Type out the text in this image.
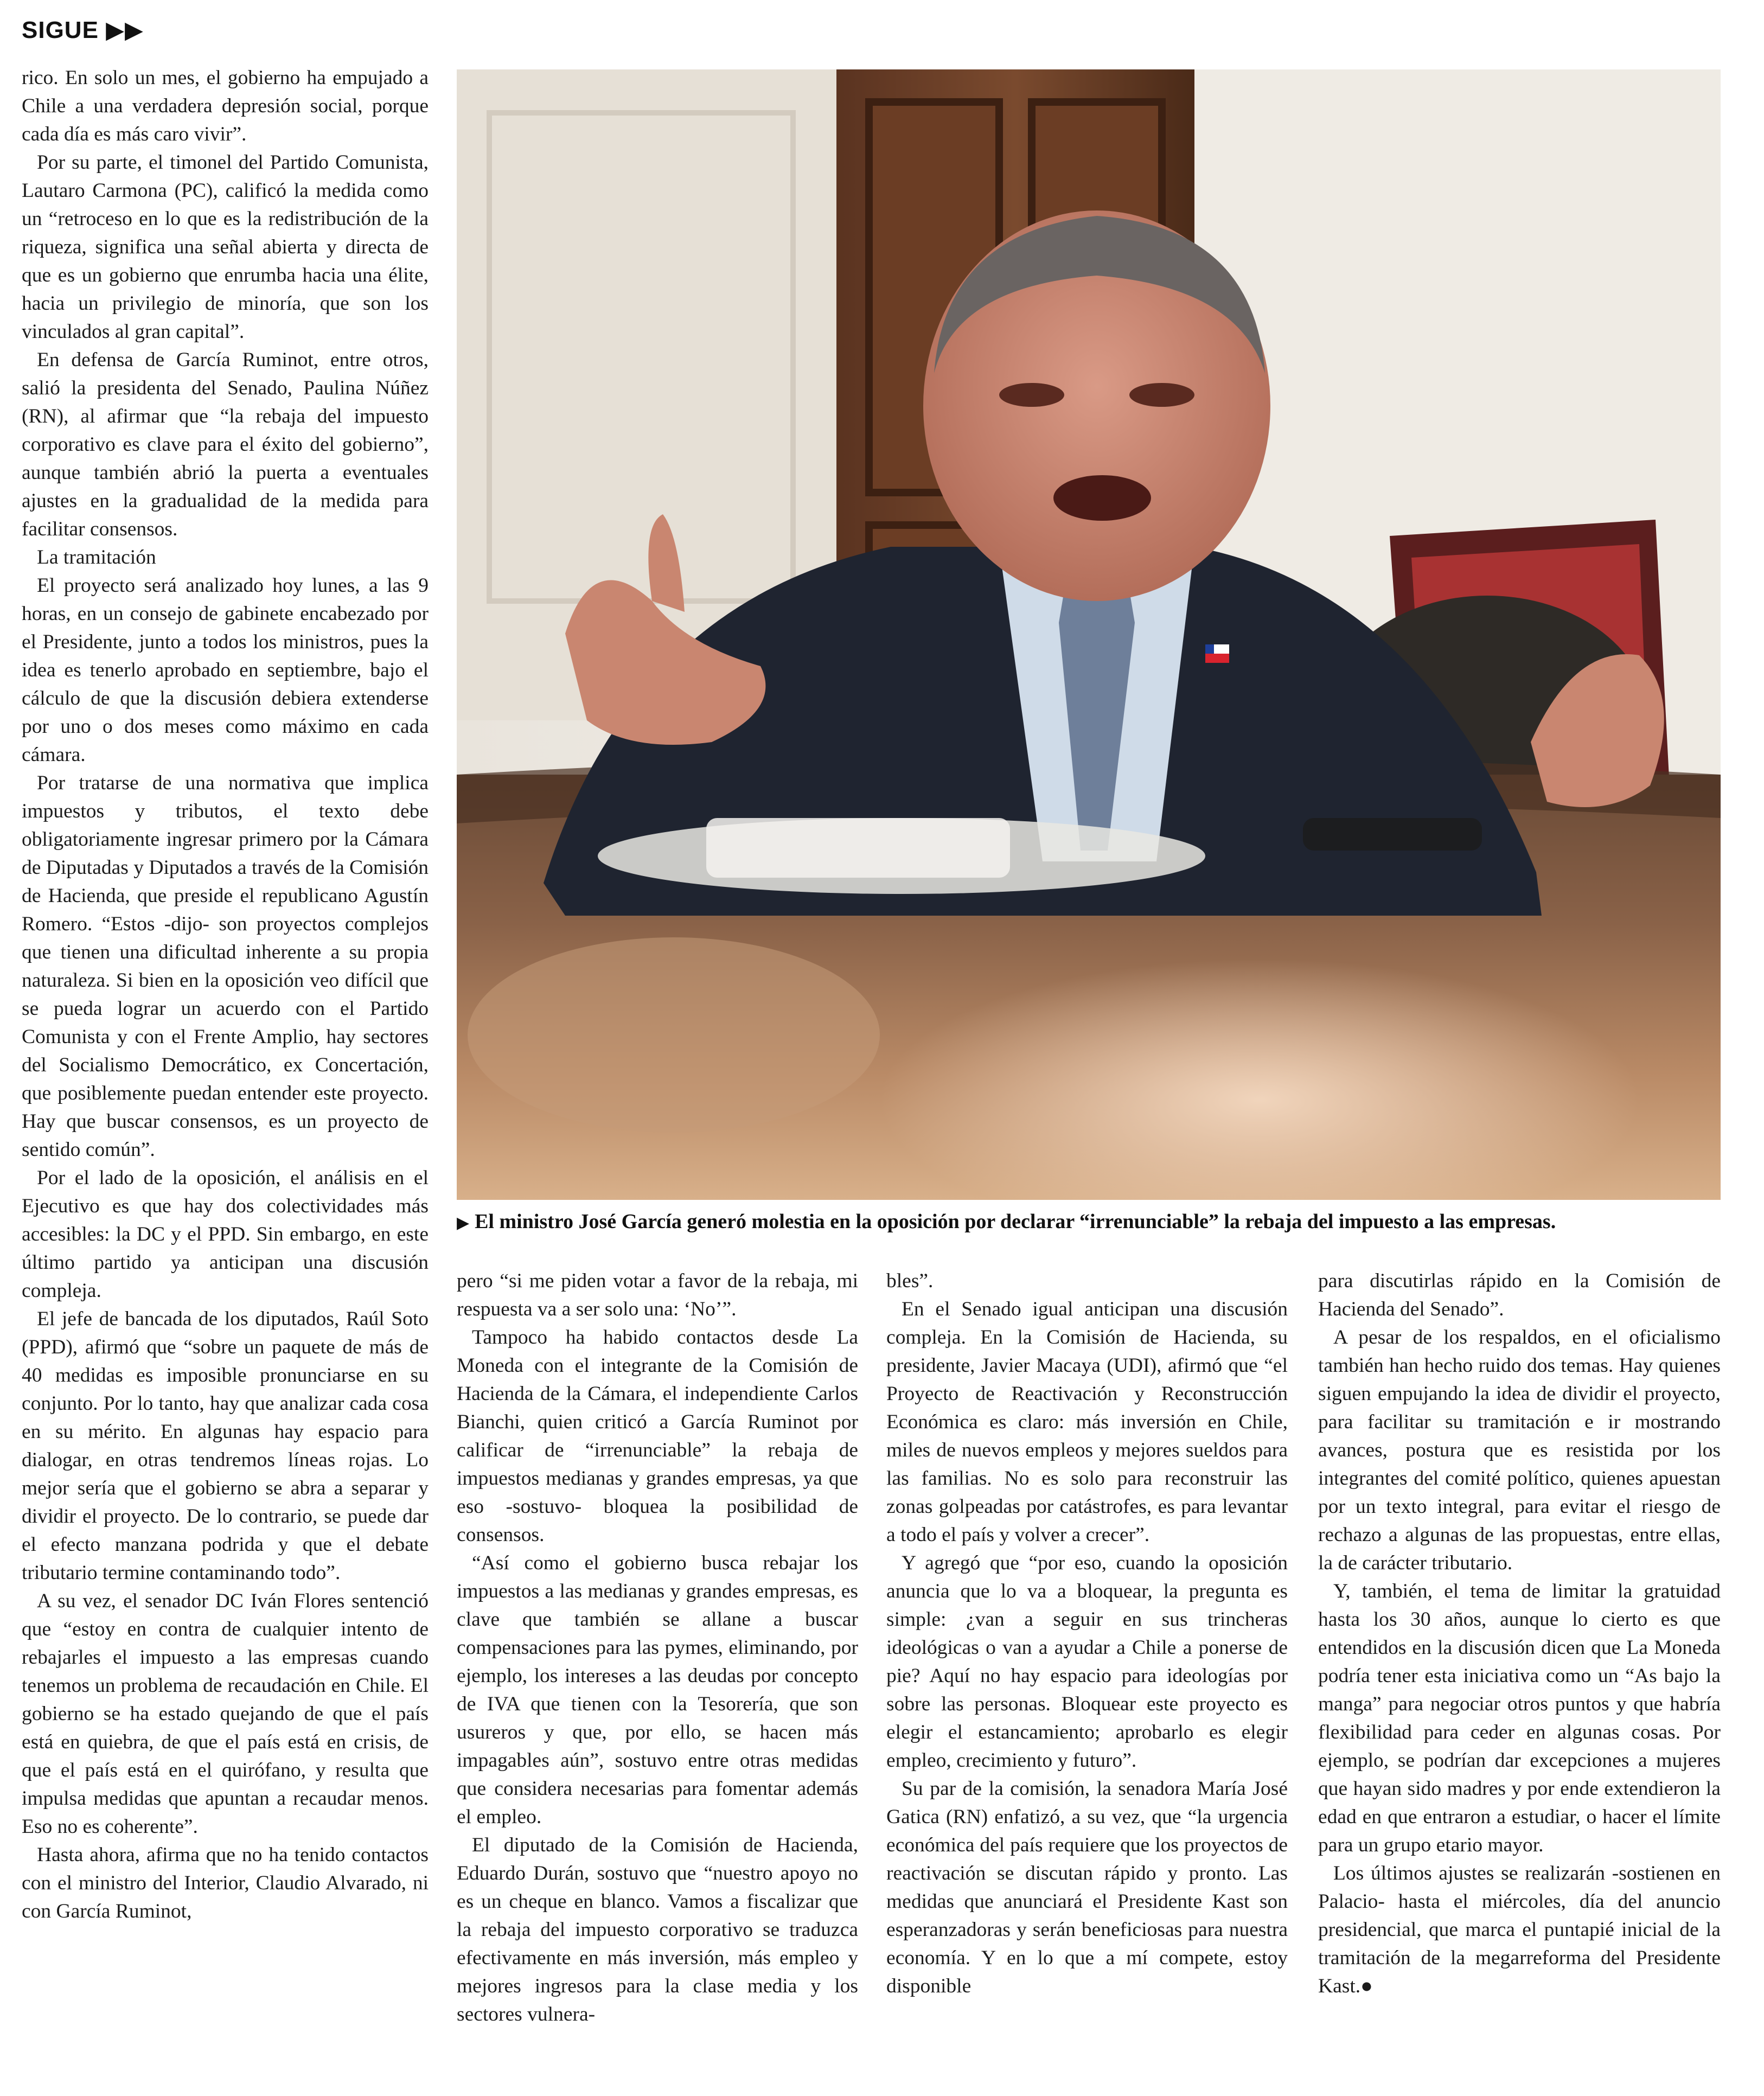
SIGUE ▶▶

rico. En solo un mes, el gobierno ha empujado a Chile a una verdadera depresión social, porque cada día es más caro vivir”.

Por su parte, el timonel del Partido Comunista, Lautaro Carmona (PC), calificó la medida como un “retroceso en lo que es la redistribución de la riqueza, significa una señal abierta y directa de que es un gobierno que enrumba hacia una élite, hacia un privilegio de minoría, que son los vinculados al gran capital”.

En defensa de García Ruminot, entre otros, salió la presidenta del Senado, Paulina Núñez (RN), al afirmar que “la rebaja del impuesto corporativo es clave para el éxito del gobierno”, aunque también abrió la puerta a eventuales ajustes en la gradualidad de la medida para facilitar consensos.

La tramitación

El proyecto será analizado hoy lunes, a las 9 horas, en un consejo de gabinete encabezado por el Presidente, junto a todos los ministros, pues la idea es tenerlo aprobado en septiembre, bajo el cálculo de que la discusión debiera extenderse por uno o dos meses como máximo en cada cámara.

Por tratarse de una normativa que implica impuestos y tributos, el texto debe obligatoriamente ingresar primero por la Cámara de Diputadas y Diputados a través de la Comisión de Hacienda, que preside el republicano Agustín Romero. “Estos -dijo- son proyectos complejos que tienen una dificultad inherente a su propia naturaleza. Si bien en la oposición veo difícil que se pueda lograr un acuerdo con el Partido Comunista y con el Frente Amplio, hay sectores del Socialismo Democrático, ex Concertación, que posiblemente puedan entender este proyecto. Hay que buscar consensos, es un proyecto de sentido común”.

Por el lado de la oposición, el análisis en el Ejecutivo es que hay dos colectividades más accesibles: la DC y el PPD. Sin embargo, en este último partido ya anticipan una discusión compleja.

El jefe de bancada de los diputados, Raúl Soto (PPD), afirmó que “sobre un paquete de más de 40 medidas es imposible pronunciarse en su conjunto. Por lo tanto, hay que analizar cada cosa en su mérito. En algunas hay espacio para dialogar, en otras tendremos líneas rojas. Lo mejor sería que el gobierno se abra a separar y dividir el proyecto. De lo contrario, se puede dar el efecto manzana podrida y que el debate tributario termine contaminando todo”.

A su vez, el senador DC Iván Flores sentenció que “estoy en contra de cualquier intento de rebajarles el impuesto a las empresas cuando tenemos un problema de recaudación en Chile. El gobierno se ha estado quejando de que el país está en quiebra, de que el país está en crisis, de que el país está en el quirófano, y resulta que impulsa medidas que apuntan a recaudar menos. Eso no es coherente”.

Hasta ahora, afirma que no ha tenido contactos con el ministro del Interior, Claudio Alvarado, ni con García Ruminot,

▶ El ministro José García generó molestia en la oposición por declarar “irrenunciable” la rebaja del impuesto a las empresas.

pero “si me piden votar a favor de la rebaja, mi respuesta va a ser solo una: ‘No’”.

Tampoco ha habido contactos desde La Moneda con el integrante de la Comisión de Hacienda de la Cámara, el independiente Carlos Bianchi, quien criticó a García Ruminot por calificar de “irrenunciable” la rebaja de impuestos medianas y grandes empresas, ya que eso -sostuvo- bloquea la posibilidad de consensos.

“Así como el gobierno busca rebajar los impuestos a las medianas y grandes empresas, es clave que también se allane a buscar compensaciones para las pymes, eliminando, por ejemplo, los intereses a las deudas por concepto de IVA que tienen con la Tesorería, que son usureros y que, por ello, se hacen más impagables aún”, sostuvo entre otras medidas que considera necesarias para fomentar además el empleo.

El diputado de la Comisión de Hacienda, Eduardo Durán, sostuvo que “nuestro apoyo no es un cheque en blanco. Vamos a fiscalizar que la rebaja del impuesto corporativo se traduzca efectivamente en más inversión, más empleo y mejores ingresos para la clase media y los sectores vulnera-

bles”.

En el Senado igual anticipan una discusión compleja. En la Comisión de Hacienda, su presidente, Javier Macaya (UDI), afirmó que “el Proyecto de Reactivación y Reconstrucción Económica es claro: más inversión en Chile, miles de nuevos empleos y mejores sueldos para las familias. No es solo para reconstruir las zonas golpeadas por catástrofes, es para levantar a todo el país y volver a crecer”.

Y agregó que “por eso, cuando la oposición anuncia que lo va a bloquear, la pregunta es simple: ¿van a seguir en sus trincheras ideológicas o van a ayudar a Chile a ponerse de pie? Aquí no hay espacio para ideologías por sobre las personas. Bloquear este proyecto es elegir el estancamiento; aprobarlo es elegir empleo, crecimiento y futuro”.

Su par de la comisión, la senadora María José Gatica (RN) enfatizó, a su vez, que “la urgencia económica del país requiere que los proyectos de reactivación se discutan rápido y pronto. Las medidas que anunciará el Presidente Kast son esperanzadoras y serán beneficiosas para nuestra economía. Y en lo que a mí compete, estoy disponible

para discutirlas rápido en la Comisión de Hacienda del Senado”.

A pesar de los respaldos, en el oficialismo también han hecho ruido dos temas. Hay quienes siguen empujando la idea de dividir el proyecto, para facilitar su tramitación e ir mostrando avances, postura que es resistida por los integrantes del comité político, quienes apuestan por un texto integral, para evitar el riesgo de rechazo a algunas de las propuestas, entre ellas, la de carácter tributario.

Y, también, el tema de limitar la gratuidad hasta los 30 años, aunque lo cierto es que entendidos en la discusión dicen que La Moneda podría tener esta iniciativa como un “As bajo la manga” para negociar otros puntos y que habría flexibilidad para ceder en algunas cosas. Por ejemplo, se podrían dar excepciones a mujeres que hayan sido madres y por ende extendieron la edad en que entraron a estudiar, o hacer el límite para un grupo etario mayor.

Los últimos ajustes se realizarán -sostienen en Palacio- hasta el miércoles, día del anuncio presidencial, que marca el puntapié inicial de la tramitación de la megarreforma del Presidente Kast.●
